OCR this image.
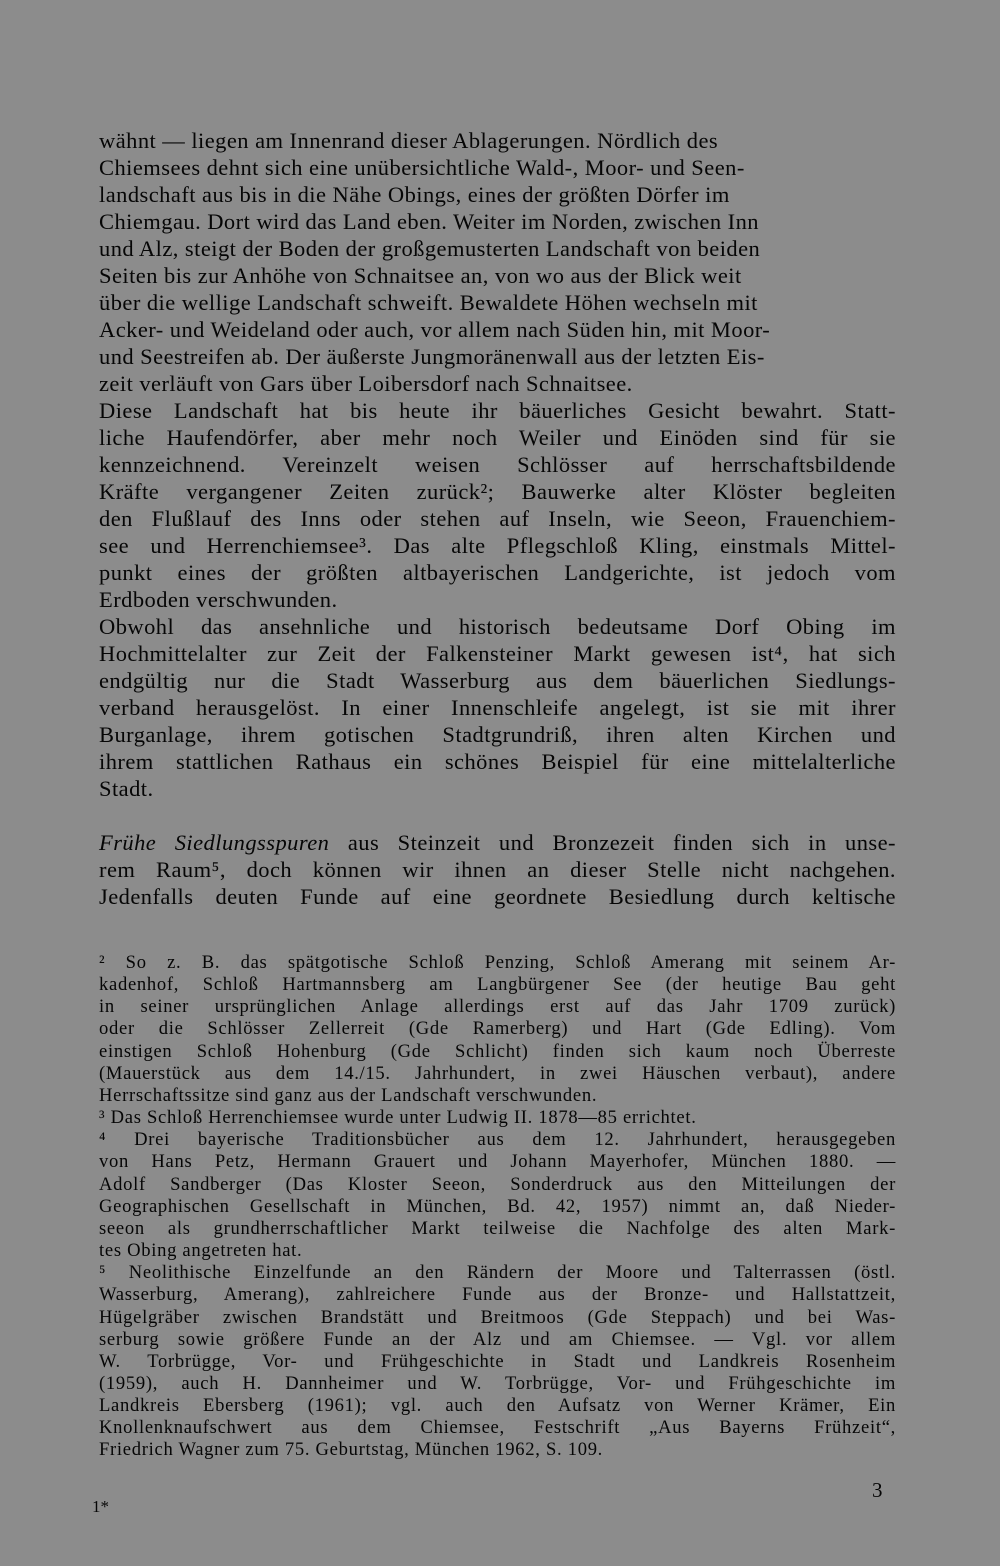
wähnt — liegen am Innenrand dieser Ablagerungen. Nördlich des
Chiemsees dehnt sich eine unübersichtliche Wald-, Moor- und Seen-
landschaft aus bis in die Nähe Obings, eines der größten Dörfer im
Chiemgau. Dort wird das Land eben. Weiter im Norden, zwischen Inn
und Alz, steigt der Boden der großgemusterten Landschaft von beiden
Seiten bis zur Anhöhe von Schnaitsee an, von wo aus der Blick weit
über die wellige Landschaft schweift. Bewaldete Höhen wechseln mit
Acker- und Weideland oder auch, vor allem nach Süden hin, mit Moor-
und Seestreifen ab. Der äußerste Jungmoränenwall aus der letzten Eis-
zeit verläuft von Gars über Loibersdorf nach Schnaitsee.
Diese Landschaft hat bis heute ihr bäuerliches Gesicht bewahrt. Statt-
liche Haufendörfer, aber mehr noch Weiler und Einöden sind für sie
kennzeichnend. Vereinzelt weisen Schlösser auf herrschaftsbildende
Kräfte vergangener Zeiten zurück²; Bauwerke alter Klöster begleiten
den Flußlauf des Inns oder stehen auf Inseln, wie Seeon, Frauenchiem-
see und Herrenchiemsee³. Das alte Pflegschloß Kling, einstmals Mittel-
punkt eines der größten altbayerischen Landgerichte, ist jedoch vom
Erdboden verschwunden.
Obwohl das ansehnliche und historisch bedeutsame Dorf Obing im
Hochmittelalter zur Zeit der Falkensteiner Markt gewesen ist⁴, hat sich
endgültig nur die Stadt Wasserburg aus dem bäuerlichen Siedlungs-
verband herausgelöst. In einer Innenschleife angelegt, ist sie mit ihrer
Burganlage, ihrem gotischen Stadtgrundriß, ihren alten Kirchen und
ihrem stattlichen Rathaus ein schönes Beispiel für eine mittelalterliche
Stadt.
Frühe Siedlungsspuren aus Steinzeit und Bronzezeit finden sich in unse-
rem Raum⁵, doch können wir ihnen an dieser Stelle nicht nachgehen.
Jedenfalls deuten Funde auf eine geordnete Besiedlung durch keltische
² So z. B. das spätgotische Schloß Penzing, Schloß Amerang mit seinem Ar-
kadenhof, Schloß Hartmannsberg am Langbürgener See (der heutige Bau geht
in seiner ursprünglichen Anlage allerdings erst auf das Jahr 1709 zurück)
oder die Schlösser Zellerreit (Gde Ramerberg) und Hart (Gde Edling). Vom
einstigen Schloß Hohenburg (Gde Schlicht) finden sich kaum noch Überreste
(Mauerstück aus dem 14./15. Jahrhundert, in zwei Häuschen verbaut), andere
Herrschaftssitze sind ganz aus der Landschaft verschwunden.
³ Das Schloß Herrenchiemsee wurde unter Ludwig II. 1878—85 errichtet.
⁴ Drei bayerische Traditionsbücher aus dem 12. Jahrhundert, herausgegeben
von Hans Petz, Hermann Grauert und Johann Mayerhofer, München 1880. —
Adolf Sandberger (Das Kloster Seeon, Sonderdruck aus den Mitteilungen der
Geographischen Gesellschaft in München, Bd. 42, 1957) nimmt an, daß Nieder-
seeon als grundherrschaftlicher Markt teilweise die Nachfolge des alten Mark-
tes Obing angetreten hat.
⁵ Neolithische Einzelfunde an den Rändern der Moore und Talterrassen (östl.
Wasserburg, Amerang), zahlreichere Funde aus der Bronze- und Hallstattzeit,
Hügelgräber zwischen Brandstätt und Breitmoos (Gde Steppach) und bei Was-
serburg sowie größere Funde an der Alz und am Chiemsee. — Vgl. vor allem
W. Torbrügge, Vor- und Frühgeschichte in Stadt und Landkreis Rosenheim
(1959), auch H. Dannheimer und W. Torbrügge, Vor- und Frühgeschichte im
Landkreis Ebersberg (1961); vgl. auch den Aufsatz von Werner Krämer, Ein
Knollenknaufschwert aus dem Chiemsee, Festschrift „Aus Bayerns Frühzeit“,
Friedrich Wagner zum 75. Geburtstag, München 1962, S. 109.
3
1*
